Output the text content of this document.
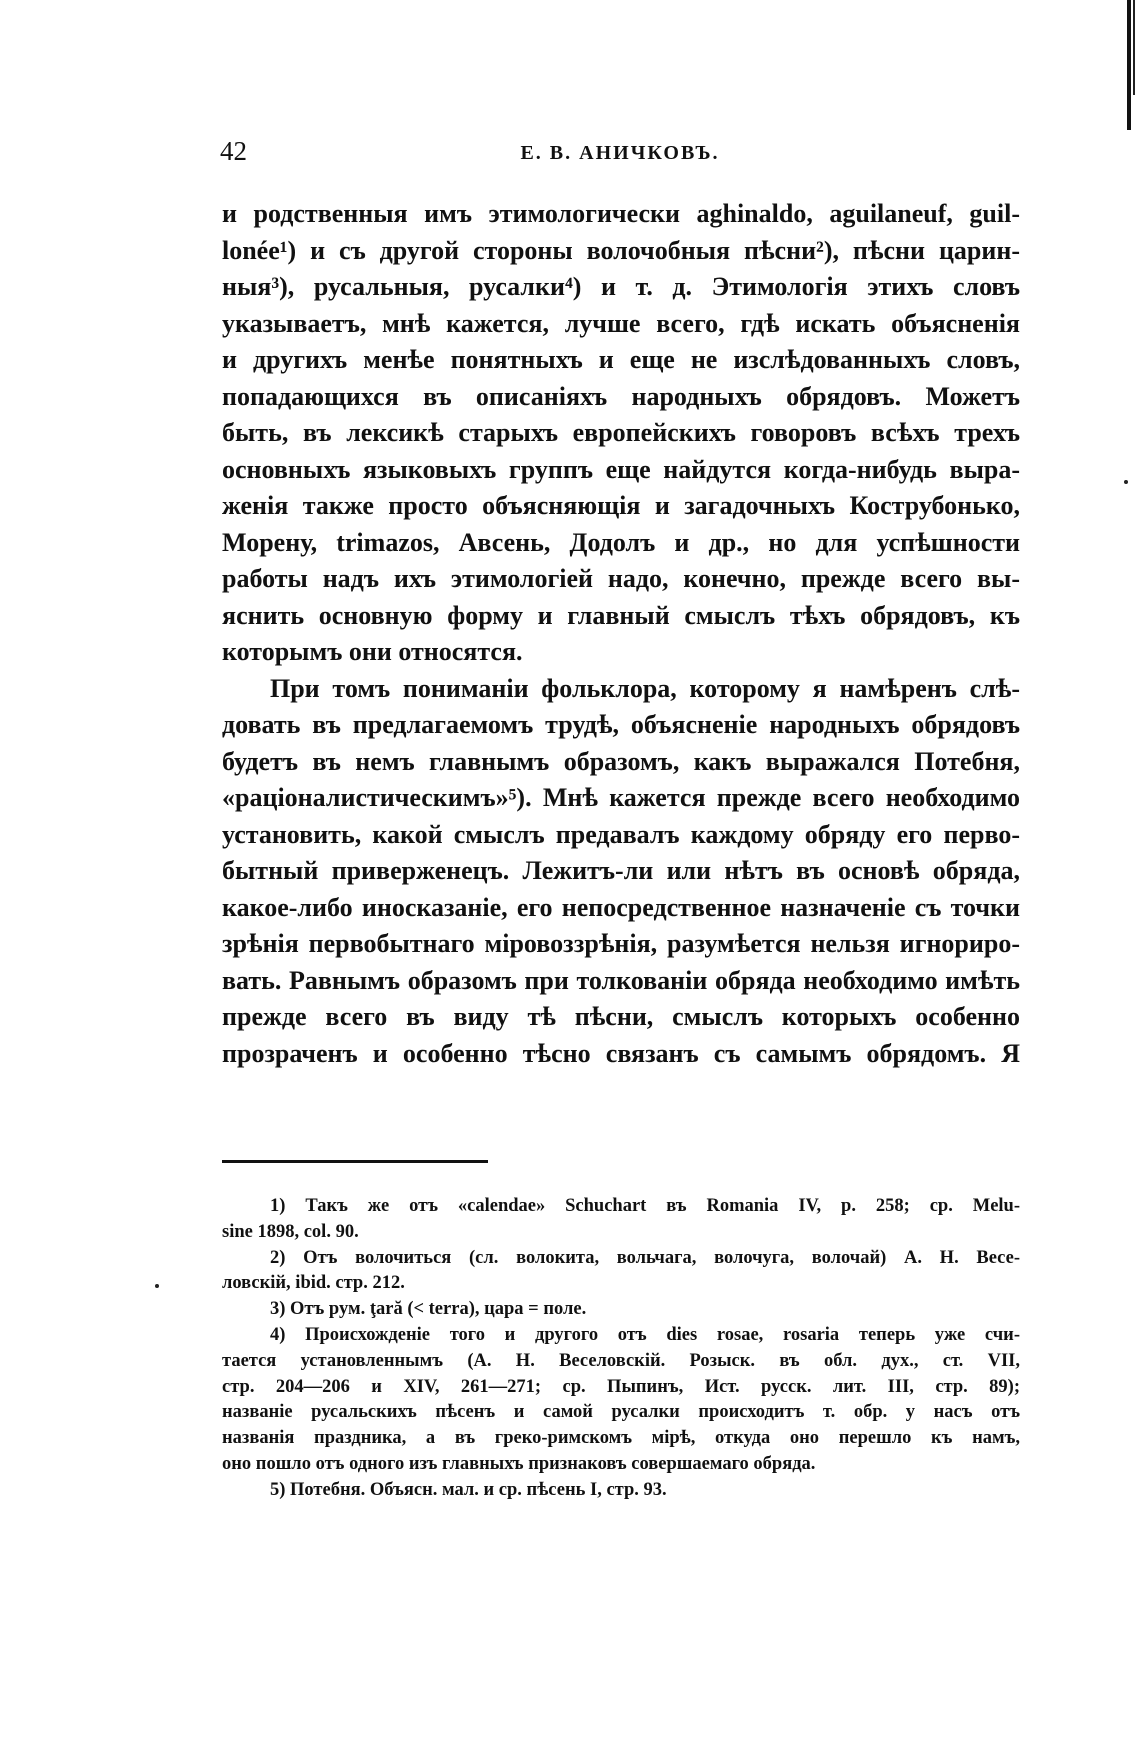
42	Е. В. АНИЧКОВЪ.
и родственныя имъ этимологически aghinaldo, aguilaneuf, guil-
lonée¹) и съ другой стороны волочобныя пѣсни²), пѣсни царин-
ныя³), русальныя, русалки⁴) и т. д. Этимологія этихъ словъ
указываетъ, мнѣ кажется, лучше всего, гдѣ искать объясненія
и другихъ менѣе понятныхъ и еще не изслѣдованныхъ словъ,
попадающихся въ описаніяхъ народныхъ обрядовъ. Можетъ
быть, въ лексикѣ старыхъ европейскихъ говоровъ всѣхъ трехъ
основныхъ языковыхъ группъ еще найдутся когда-нибудь выра-
женія также просто объясняющія и загадочныхъ Кострубонько,
Морену, trimazos, Авсень, Додолъ и др., но для успѣшности
работы надъ ихъ этимологіей надо, конечно, прежде всего вы-
яснить основную форму и главный смыслъ тѣхъ обрядовъ, къ
которымъ они относятся.
При томъ пониманіи фольклора, которому я намѣренъ слѣ-
довать въ предлагаемомъ трудѣ, объясненіе народныхъ обрядовъ
будетъ въ немъ главнымъ образомъ, какъ выражался Потебня,
«раціоналистическимъ»⁵). Мнѣ кажется прежде всего необходимо
установить, какой смыслъ предавалъ каждому обряду его перво-
бытный приверженецъ. Лежитъ-ли или нѣтъ въ основѣ обряда,
какое-либо иносказаніе, его непосредственное назначеніе съ точки
зрѣнія первобытнаго міровоззрѣнія, разумѣется нельзя игнориро-
вать. Равнымъ образомъ при толкованіи обряда необходимо имѣть
прежде всего въ виду тѣ пѣсни, смыслъ которыхъ особенно
прозраченъ и особенно тѣсно связанъ съ самымъ обрядомъ. Я
1) Такъ же отъ «calendae» Schuchart въ Romania IV, p. 258; ср. Melu-
sine 1898, col. 90.
2) Отъ волочиться (сл. волокита, вольчага, волочуга, волочай) А. Н. Весе-
ловскій, ibid. стр. 212.
3) Отъ рум. ţară (< terra), цара = поле.
4) Происхожденіе того и другого отъ dies rosae, rosaria теперь уже счи-
тается установленнымъ (А. Н. Веселовскій. Розыск. въ обл. дух., ст. VII,
стр. 204—206 и XIV, 261—271; ср. Пыпинъ, Ист. русск. лит. III, стр. 89);
названіе русальскихъ пѣсенъ и самой русалки происходитъ т. обр. у насъ отъ
названія праздника, а въ греко-римскомъ мірѣ, откуда оно перешло къ намъ,
оно пошло отъ одного изъ главныхъ признаковъ совершаемаго обряда.
5) Потебня. Объясн. мал. и ср. пѣсень I, стр. 93.
